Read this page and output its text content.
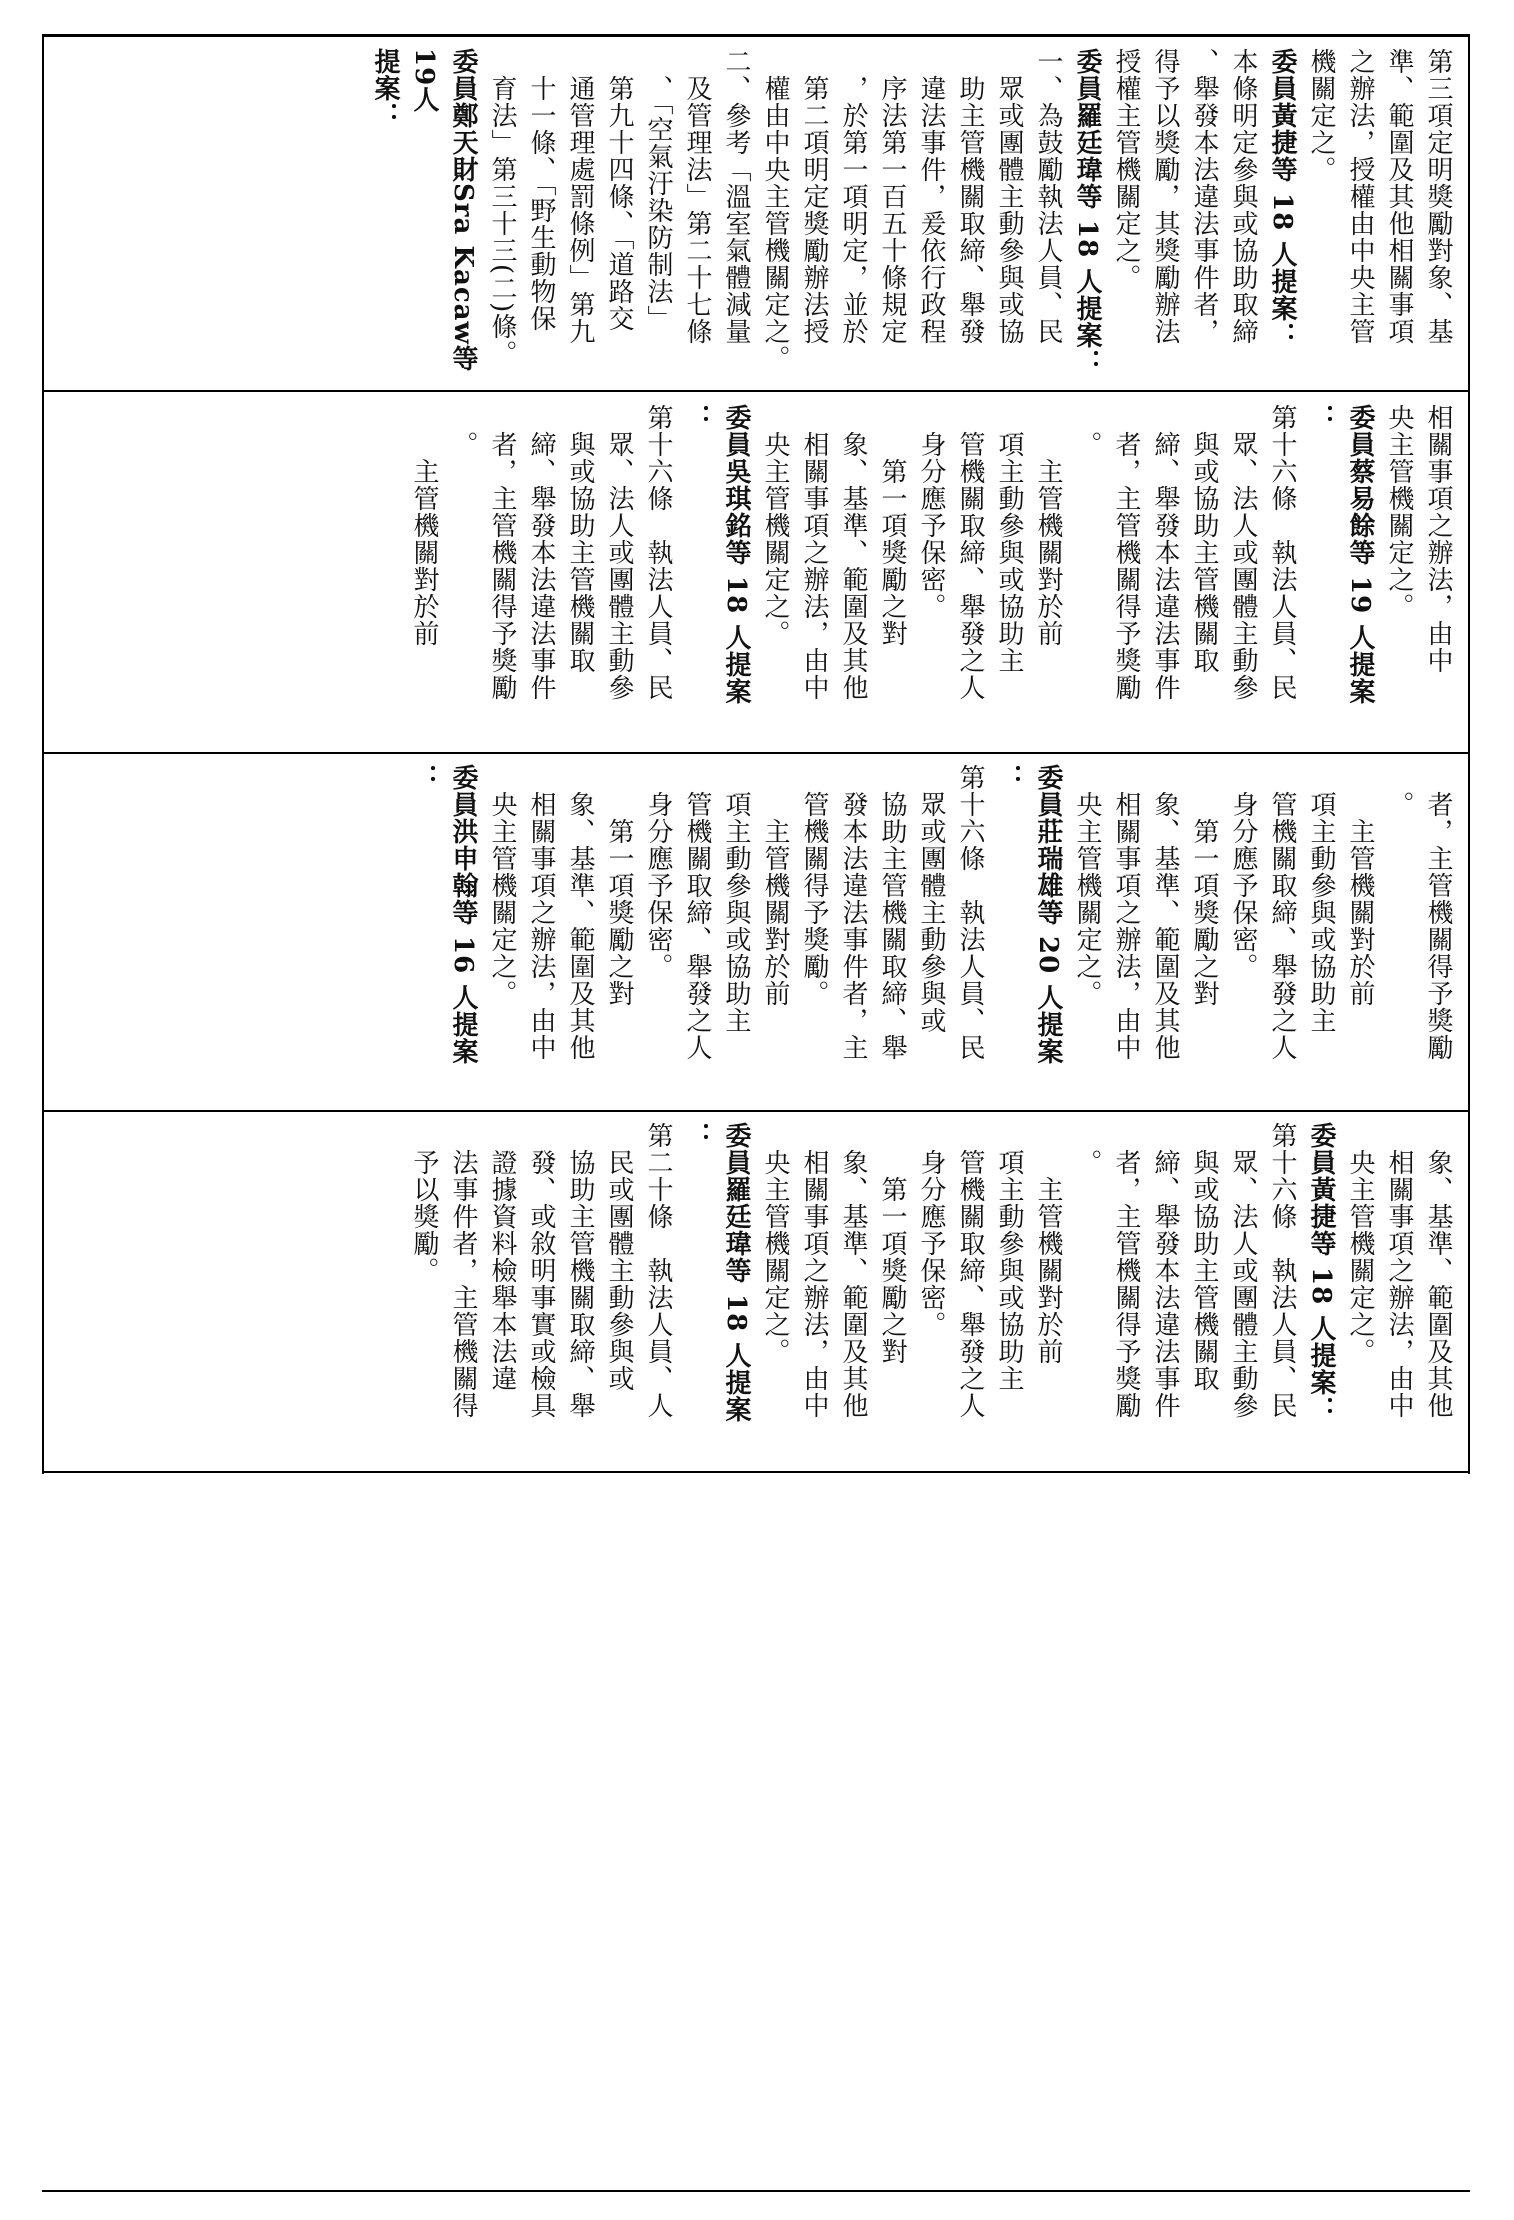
第三項定明獎勵對象、基
準、範圍及其他相關事項
之辦法，授權由中央主管
機關定之。
委員黃捷等 18 人提案：
本條明定參與或協助取締
、舉發本法違法事件者，
得予以獎勵，其獎勵辦法
授權主管機關定之。
委員羅廷瑋等 18 人提案：
一、為鼓勵執法人員、民
　眾或團體主動參與或協
　助主管機關取締、舉發
　違法事件，爰依行政程
　序法第一百五十條規定
　，於第一項明定，並於
　第二項明定獎勵辦法授
　權由中央主管機關定之。
二、參考「溫室氣體減量
　及管理法」第二十七條
　、「空氣汙染防制法」
　第九十四條、「道路交
　通管理處罰條例」第九
　十一條、「野生動物保
　育法」第三十三(二)條。
委員鄭天財Sra Kacaw等19人
提案：
相關事項之辦法，由中
央主管機關定之。
委員蔡易餘等 19 人提案
：
第十六條　執法人員、民
　眾、法人或團體主動參
　與或協助主管機關取
　締、舉發本法違法事件
　者，主管機關得予獎勵
　。
　　主管機關對於前
　項主動參與或協助主
　管機關取締、舉發之人
　身分應予保密。
　　第一項獎勵之對
　象、基準、範圍及其他
　相關事項之辦法，由中
　央主管機關定之。
委員吳琪銘等 18 人提案
：
第十六條　執法人員、民
　眾、法人或團體主動參
　與或協助主管機關取
　締、舉發本法違法事件
　者，主管機關得予獎勵
　。
　　主管機關對於前
　者，主管機關得予獎勵
　。
　　主管機關對於前
　項主動參與或協助主
　管機關取締、舉發之人
　身分應予保密。
　　第一項獎勵之對
　象、基準、範圍及其他
　相關事項之辦法，由中
　央主管機關定之。
委員莊瑞雄等 20 人提案
：
第十六條　執法人員、民
　眾或團體主動參與或
　協助主管機關取締、舉
　發本法違法事件者，主
　管機關得予獎勵。
　　主管機關對於前
　項主動參與或協助主
　管機關取締、舉發之人
　身分應予保密。
　　第一項獎勵之對
　象、基準、範圍及其他
　相關事項之辦法，由中
　央主管機關定之。
委員洪申翰等 16 人提案
：
　象、基準、範圍及其他
　相關事項之辦法，由中
　央主管機關定之。
委員黃捷等 18 人提案：
第十六條　執法人員、民
　眾、法人或團體主動參
　與或協助主管機關取
　締、舉發本法違法事件
　者，主管機關得予獎勵
　。
　　主管機關對於前
　項主動參與或協助主
　管機關取締、舉發之人
　身分應予保密。
　　第一項獎勵之對
　象、基準、範圍及其他
　相關事項之辦法，由中
　央主管機關定之。
委員羅廷瑋等 18 人提案
：
第二十條　執法人員、人
　民或團體主動參與或
　協助主管機關取締、舉
　發、或敘明事實或檢具
　證據資料檢舉本法違
　法事件者，主管機關得
　予以獎勵。
